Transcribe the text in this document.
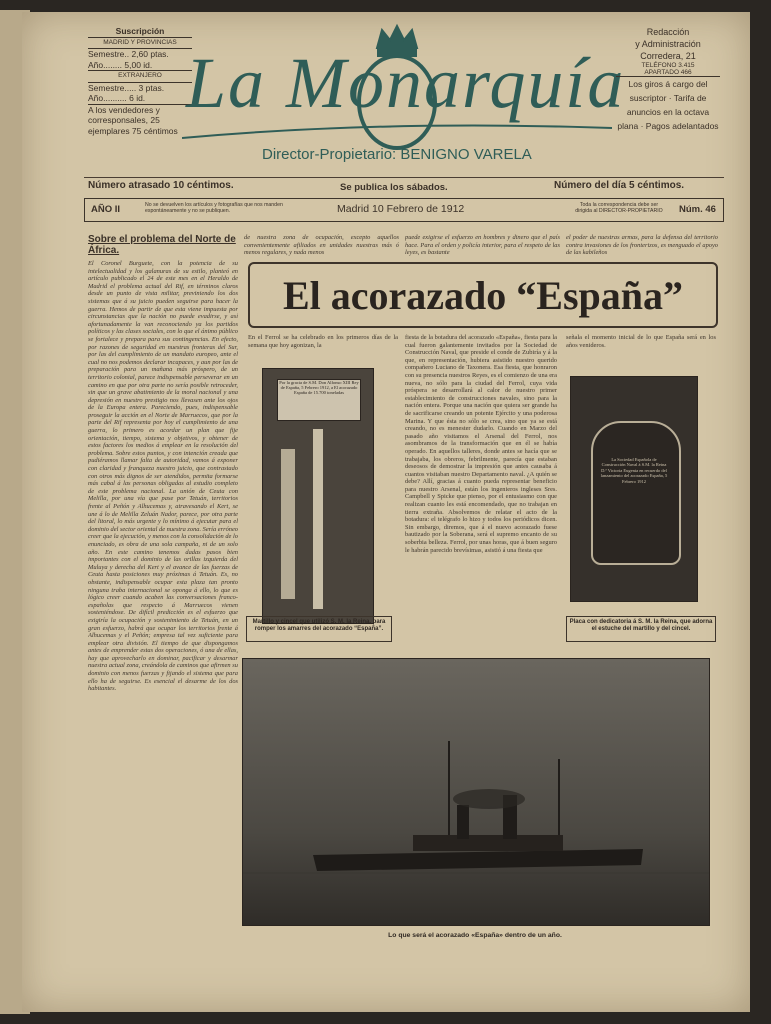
Suscripción
MADRID Y PROVINCIAS
Semestre.. 2,60 ptas.
Año........ 5,00 id.
EXTRANJERO
Semestre..... 3 ptas.
Año.......... 6 id.
A los vendedores y corresponsales, 25 ejemplares 75 céntimos
La Monarquía
Director-Propietario: BENIGNO VARELA
Redacción
y Administración
Corredera, 21
TELÉFONO 3.415
APARTADO 466
Los giros á cargo del suscriptor · Tarifa de anuncios en la octava plana · Pagos adelantados
Número atrasado 10 céntimos.	Se publica los sábados.	Número del día 5 céntimos.
AÑO II	No se devuelven los artículos y fotografías que nos manden espontáneamente y no se publiquen.	Madrid 10 Febrero de 1912	Toda la correspondencia debe ser dirigida al DIRECTOR-PROPIETARIO Núm. 46
Sobre el problema del Norte de África.
El Coronel Burguete, con la potencia de su intelectualidad y los galanuras de su estilo, planteó en artículo publicado el 24 de este mes en el Heraldo de Madrid el problema actual del Rif, en términos claros desde un punto de vista militar, previniendo los dos sistemas que á su juicio pueden seguirse para hacer la guerra. Hemos de partir de que esta viene impuesta por circunstancias que la nación no puede evadirse, y así afortunadamente la van reconociendo ya los partidos políticos y las clases sociales, con lo que el ánimo público se fortalece y prepara para sus contingencias. En efecto, por razones de seguridad en nuestras fronteras del Sur, por las del cumplimiento de un mandato europeo, ante el cual no nos podemos declarar incapaces, y aun por las de preparación para un mañana más próspero, de un territorio colonial, parece indispensable perseverar en un camino en que por otra parte no sería posible retroceder, sin que un grave abatimiento de la moral nacional y una depresión en nuestro prestigio nos llevasen ante los ojos de la Europa entera. Pareciendo, pues, indispensable proseguir la acción en el Norte de Marruecos, que por la parte del Rif representa por hoy el cumplimiento de una guerra, lo primero es acordar un plan que fije orientación, tiempo, sistema y objetivos, y obtener de estos factores los medios á emplear en la resolución del problema. Sobre estos puntos, y con intención creada que pudiéramos llamar falta de autoridad, vamos á exponer con claridad y franqueza nuestro juicio, que contrastado con otros más dignos de ser atendidos, permita formarse más cabal á las personas obligadas al estudio completo de este problema nacional. La unión de Ceuta con Melilla, por una vía que pase por Tetuán, territorios frente al Peñón y Alhucemas y, atravesando el Kert, se une á lo de Melilla Zeluán Nador, parece, por otra parte del litoral, lo más urgente y lo mínimo á ejecutar para el dominio del sector oriental de nuestra zona. Sería erróneo creer que la ejecución, y menos con la consolidación de lo enunciado, es obra de una sola campaña, ni de un solo año. En este camino tenemos dadas pasos bien importantes con el dominio de las orillas izquierda del Muluya y derecha del Kert y el avance de las fuerzas de Ceuta hasta posiciones muy próximas á Tetuán. Es, no obstante, indispensable ocupar esta plaza tan pronto ninguna traba internacional se oponga á ello, lo que es lógico creer cuando acaben las conversaciones franco-españolas que respecto á Marruecos vienen sosteniéndose. De difícil predicción es el esfuerzo que exigiría la ocupación y sostenimiento de Tetuán, en un gran esfuerzo, habrá que ocupar los territorios frente á Alhucemas y el Peñón; empresa tal vez suficiente para emplear otra división. El tiempo de que dispongamos antes de emprender estas dos operaciones, ó una de ellas, hay que aprovecharlo en dominar, pacificar y desarmar nuestra actual zona, creándola de caminos que afirmen su dominio con menos fuerzas y fijando el sistema que para ello ha de seguirse. Es esencial el desarme de los dos habitantes.
de nuestra zona de ocupación, excepto aquellos convenientemente afiliados en unidades nuestras más ó menos regulares, y nada menos
puede exigirse el esfuerzo en hombres y dinero que el país hace. Para el orden y policía interior, para el respeto de las leyes, es bastante
el poder de nuestras armas, para la defensa del territorio contra invasiones de los fronterizos, es menguado el apoyo de las kabileños
El acorazado “España”
En el Ferrol se ha celebrado en los primeros días de la semana que hoy agonizan, la
fiesta de la botadura del acorazado «España», fiesta para la cual fueron galantemente invitados por la Sociedad de Construcción Naval, que preside el conde de Zubiría y á la que, en representación, hubiera asistido nuestro querido compañero Luciano de Taxonera. Esa fiesta, que honraron con su presencia nuestros Reyes, es el comienzo de una era nueva, no sólo para la ciudad del Ferrol, cuya vida próspera se desarrollará al calor de nuestro primer establecimiento de construcciones navales, sino para la nación entera. Porque una nación que quiera ser grande ha de sacrificarse creando un potente Ejército y una poderosa Marina. Y que ésta no sólo se crea, sino que ya se está creando, no es menester dudarlo. Cuando en Marzo del pasado año visitamos el Arsenal del Ferrol, nos asombramos de la transformación que en él se había operado. En aquellos talleres, donde antes se hacía que se trabajaba, los obreros, febrilmente, parecía que estaban deseosos de demostrar la impresión que antes causaba á cuantos visitaban nuestro Departamento naval. ¿A quién se debe? Allí, gracias á cuanto pueda representar beneficio para nuestro Arsenal, están los ingenieros ingleses Sres. Campbell y Spicke que pienso, por el entusiasmo con que realizan cuanto les está encomendado, que no trabajan en tierra extraña. Absolvemos de relatar el acto de la botadura: el telégrafo lo hizo y todos los periódicos dicen. Sin embargo, diremos, que á el nuevo acorazado fuese bautizado por la Soberana, será el supremo encanto de su soberbia belleza. Ferrol, por unas horas, que á buen seguro le habrán parecido brevísimas, asistió á una fiesta que
señala el momento inicial de lo que España será en los años venideros.
Por la gracia de S.M. Don Alfonso XIII Rey de España, 5 Febrero 1912, a El acorazado España de 15.700 toneladas
Martillo y cincel que utilizó S. M. la Reina, para romper los amarres del acorazado “España”.
La Sociedad Española de Construcción Naval á S.M. la Reina D.ª Victoria Eugenia en recuerdo del lanzamiento del acorazado España, 5 Febrero 1912
Placa con dedicatoria á S. M. la Reina, que adorna el estuche del martillo y del cincel.
Lo que será el acorazado «España» dentro de un año.
